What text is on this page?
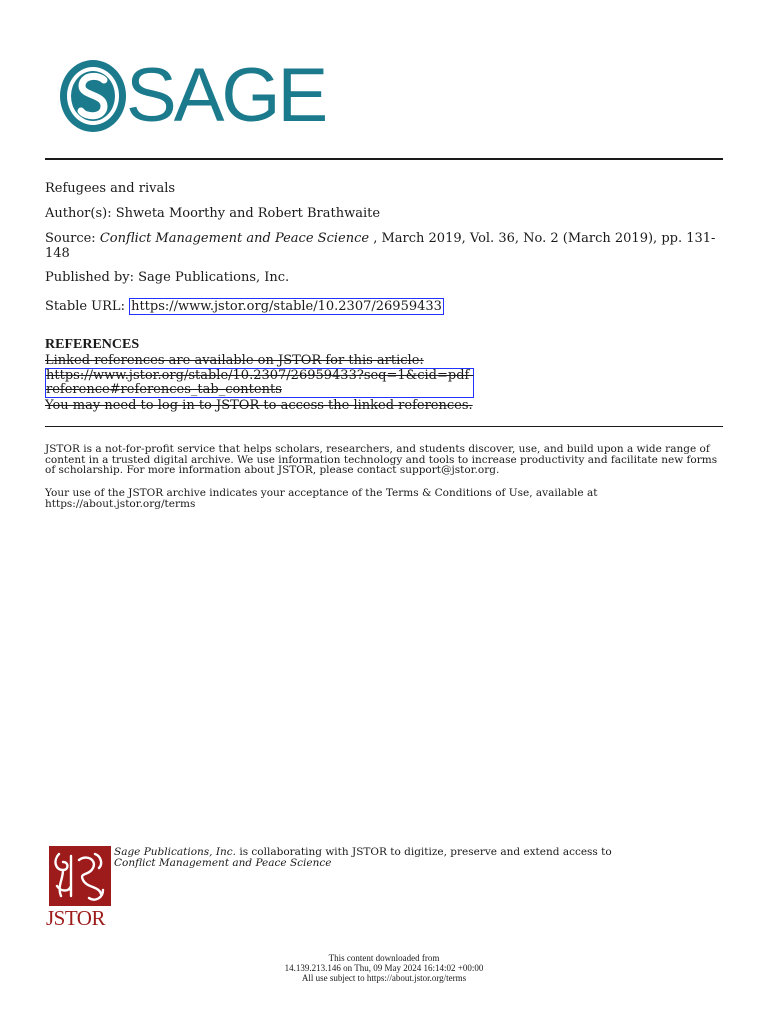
SAGE
Refugees and rivals
Author(s): Shweta Moorthy and Robert Brathwaite
Source: Conflict Management and Peace Science , March 2019, Vol. 36, No. 2 (March 2019), pp. 131-148
Published by: Sage Publications, Inc.
Stable URL: https://www.jstor.org/stable/10.2307/26959433
REFERENCES
Linked references are available on JSTOR for this article:
https://www.jstor.org/stable/10.2307/26959433?seq=1&cid=pdf-
reference#references_tab_contents
You may need to log in to JSTOR to access the linked references.
JSTOR is a not-for-profit service that helps scholars, researchers, and students discover, use, and build upon a wide range of content in a trusted digital archive. We use information technology and tools to increase productivity and facilitate new forms of scholarship. For more information about JSTOR, please contact support@jstor.org.
Your use of the JSTOR archive indicates your acceptance of the Terms & Conditions of Use, available at https://about.jstor.org/terms
JSTOR
Sage Publications, Inc. is collaborating with JSTOR to digitize, preserve and extend access to
Conflict Management and Peace Science
This content downloaded from
14.139.213.146 on Thu, 09 May 2024 16:14:02 +00:00
All use subject to https://about.jstor.org/terms
